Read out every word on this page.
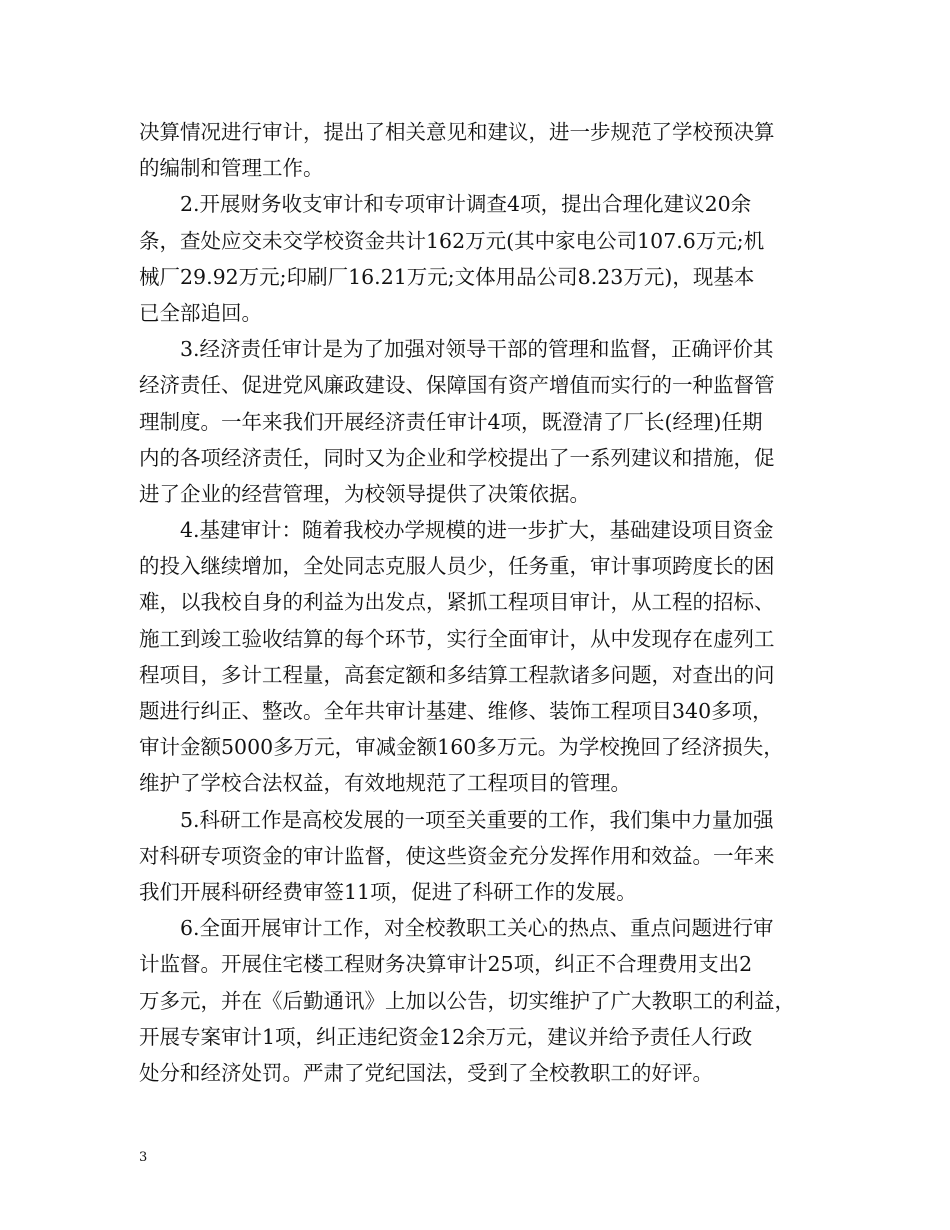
决算情况进行审计，提出了相关意见和建议，进一步规范了学校预决算
的编制和管理工作。
2.开展财务收支审计和专项审计调查4项，提出合理化建议20余
条，查处应交未交学校资金共计162万元(其中家电公司107.6万元;机
械厂29.92万元;印刷厂16.21万元;文体用品公司8.23万元)，现基本
已全部追回。
3.经济责任审计是为了加强对领导干部的管理和监督，正确评价其
经济责任、促进党风廉政建设、保障国有资产增值而实行的一种监督管
理制度。一年来我们开展经济责任审计4项，既澄清了厂长(经理)任期
内的各项经济责任，同时又为企业和学校提出了一系列建议和措施，促
进了企业的经营管理，为校领导提供了决策依据。
4.基建审计：随着我校办学规模的进一步扩大，基础建设项目资金
的投入继续增加，全处同志克服人员少，任务重，审计事项跨度长的困
难，以我校自身的利益为出发点，紧抓工程项目审计，从工程的招标、
施工到竣工验收结算的每个环节，实行全面审计，从中发现存在虚列工
程项目，多计工程量，高套定额和多结算工程款诸多问题，对查出的问
题进行纠正、整改。全年共审计基建、维修、装饰工程项目340多项，
审计金额5000多万元，审减金额160多万元。为学校挽回了经济损失，
维护了学校合法权益，有效地规范了工程项目的管理。
5.科研工作是高校发展的一项至关重要的工作，我们集中力量加强
对科研专项资金的审计监督，使这些资金充分发挥作用和效益。一年来
我们开展科研经费审签11项，促进了科研工作的发展。
6.全面开展审计工作，对全校教职工关心的热点、重点问题进行审
计监督。开展住宅楼工程财务决算审计25项，纠正不合理费用支出2
万多元，并在《后勤通讯》上加以公告，切实维护了广大教职工的利益，
开展专案审计1项，纠正违纪资金12余万元，建议并给予责任人行政
处分和经济处罚。严肃了党纪国法，受到了全校教职工的好评。
3
